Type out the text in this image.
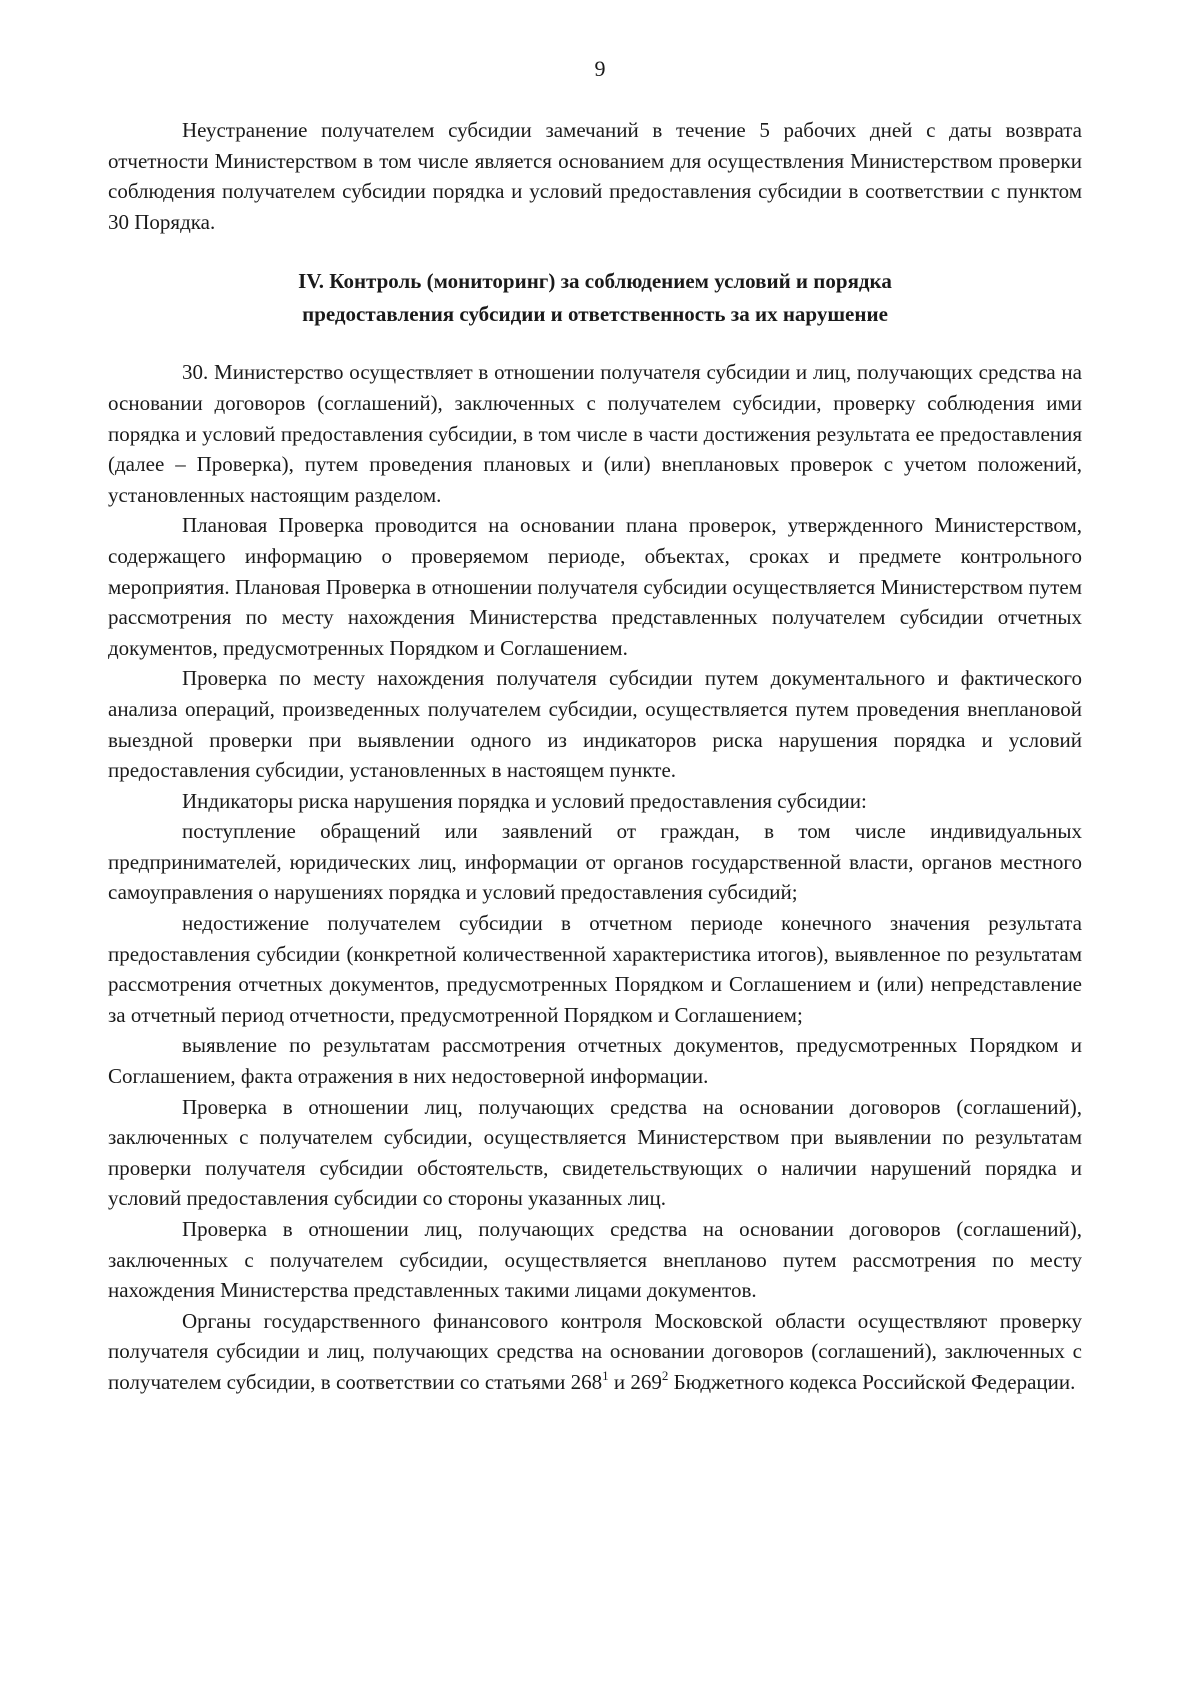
9

Неустранение получателем субсидии замечаний в течение 5 рабочих дней с даты возврата отчетности Министерством в том числе является основанием для осуществления Министерством проверки соблюдения получателем субсидии порядка и условий предоставления субсидии в соответствии с пунктом 30 Порядка.

IV. Контроль (мониторинг) за соблюдением условий и порядка
предоставления субсидии и ответственность за их нарушение

30. Министерство осуществляет в отношении получателя субсидии и лиц, получающих средства на основании договоров (соглашений), заключенных с получателем субсидии, проверку соблюдения ими порядка и условий предоставления субсидии, в том числе в части достижения результата ее предоставления (далее – Проверка), путем проведения плановых и (или) внеплановых проверок с учетом положений, установленных настоящим разделом.

Плановая Проверка проводится на основании плана проверок, утвержденного Министерством, содержащего информацию о проверяемом периоде, объектах, сроках и предмете контрольного мероприятия. Плановая Проверка в отношении получателя субсидии осуществляется Министерством путем рассмотрения по месту нахождения Министерства представленных получателем субсидии отчетных документов, предусмотренных Порядком и Соглашением.

Проверка по месту нахождения получателя субсидии путем документального и фактического анализа операций, произведенных получателем субсидии, осуществляется путем проведения внеплановой выездной проверки при выявлении одного из индикаторов риска нарушения порядка и условий предоставления субсидии, установленных в настоящем пункте.

Индикаторы риска нарушения порядка и условий предоставления субсидии:

поступление обращений или заявлений от граждан, в том числе индивидуальных предпринимателей, юридических лиц, информации от органов государственной власти, органов местного самоуправления о нарушениях порядка и условий предоставления субсидий;

недостижение получателем субсидии в отчетном периоде конечного значения результата предоставления субсидии (конкретной количественной характеристика итогов), выявленное по результатам рассмотрения отчетных документов, предусмотренных Порядком и Соглашением и (или) непредставление за отчетный период отчетности, предусмотренной Порядком и Соглашением;

выявление по результатам рассмотрения отчетных документов, предусмотренных Порядком и Соглашением, факта отражения в них недостоверной информации.

Проверка в отношении лиц, получающих средства на основании договоров (соглашений), заключенных с получателем субсидии, осуществляется Министерством при выявлении по результатам проверки получателя субсидии обстоятельств, свидетельствующих о наличии нарушений порядка и условий предоставления субсидии со стороны указанных лиц.

Проверка в отношении лиц, получающих средства на основании договоров (соглашений), заключенных с получателем субсидии, осуществляется внепланово путем рассмотрения по месту нахождения Министерства представленных такими лицами документов.

Органы государственного финансового контроля Московской области осуществляют проверку получателя субсидии и лиц, получающих средства на основании договоров (соглашений), заключенных с получателем субсидии, в соответствии со статьями $268^1$ и $269^2$ Бюджетного кодекса Российской Федерации.
